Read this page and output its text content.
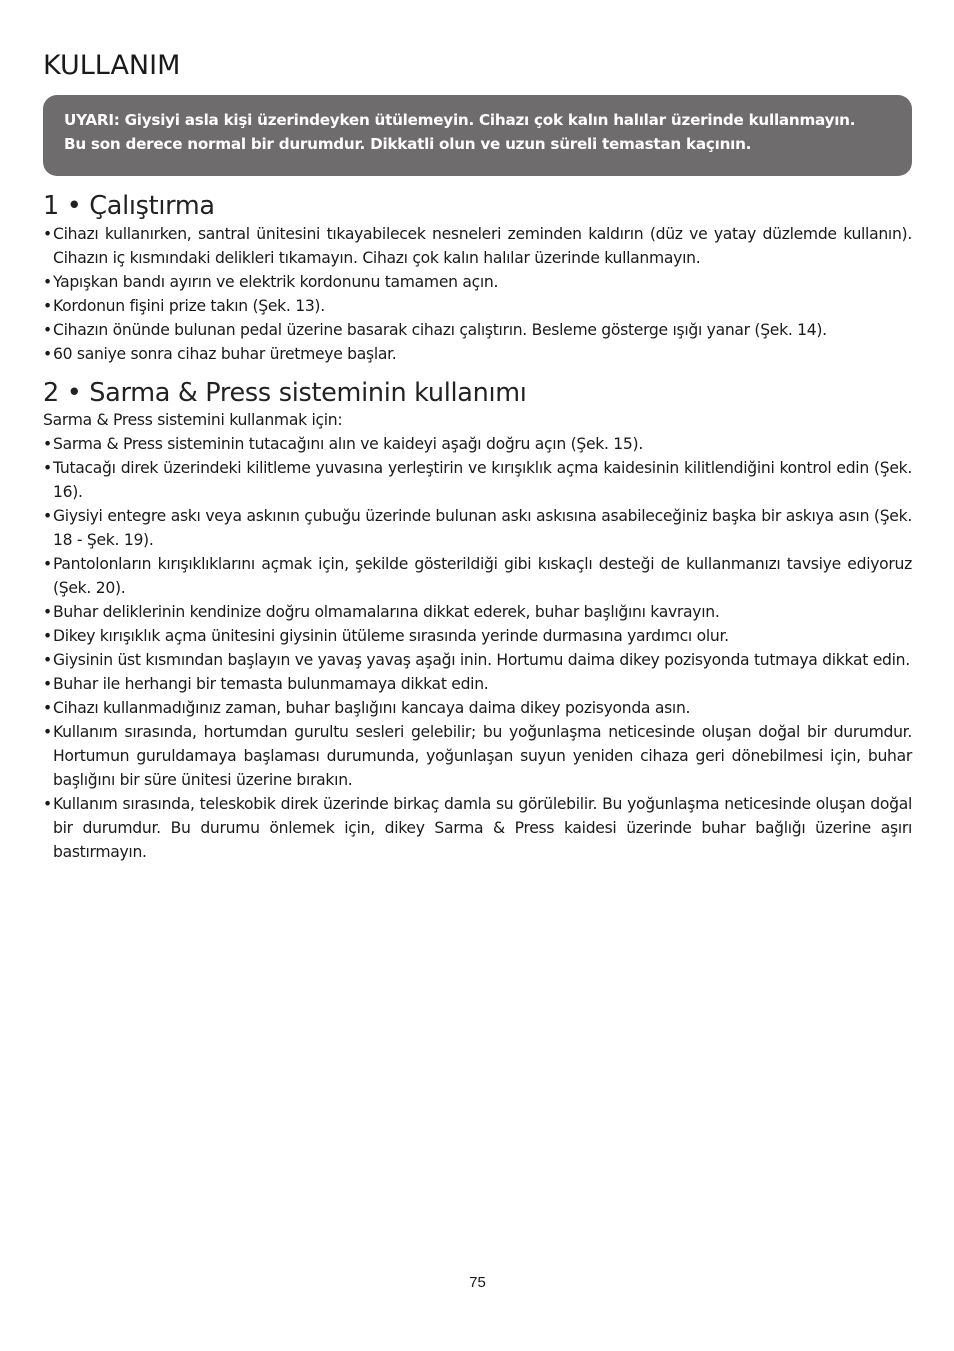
KULLANIM

UYARI: Giysiyi asla kişi üzerindeyken ütülemeyin. Cihazı çok kalın halılar üzerinde kullanmayın.

Bu son derece normal bir durumdur. Dikkatli olun ve uzun süreli temastan kaçının.

1 • Çalıştırma
• Cihazı kullanırken, santral ünitesini tıkayabilecek nesneleri zeminden kaldırın (düz ve yatay düzlemde kullanın). Cihazın iç kısmındaki delikleri tıkamayın. Cihazı çok kalın halılar üzerinde kullanmayın.
• Yapışkan bandı ayırın ve elektrik kordonunu tamamen açın.
• Kordonun fişini prize takın (Şek. 13).
• Cihazın önünde bulunan pedal üzerine basarak cihazı çalıştırın. Besleme gösterge ışığı yanar (Şek. 14).
• 60 saniye sonra cihaz buhar üretmeye başlar.
2 • Sarma & Press sisteminin kullanımı

Sarma & Press sistemini kullanmak için:

• Sarma & Press sisteminin tutacağını alın ve kaideyi aşağı doğru açın (Şek. 15).
• Tutacağı direk üzerindeki kilitleme yuvasına yerleştirin ve kırışıklık açma kaidesinin kilitlendiğini kontrol edin (Şek. 16).
• Giysiyi entegre askı veya askının çubuğu üzerinde bulunan askı askısına asabileceğiniz başka bir askıya asın (Şek. 18 - Şek. 19).
• Pantolonların kırışıklıklarını açmak için, şekilde gösterildiği gibi kıskaçlı desteği de kullanmanızı tavsiye ediyoruz (Şek. 20).
• Buhar deliklerinin kendinize doğru olmamalarına dikkat ederek, buhar başlığını kavrayın.
• Dikey kırışıklık açma ünitesini giysinin ütüleme sırasında yerinde durmasına yardımcı olur.
• Giysinin üst kısmından başlayın ve yavaş yavaş aşağı inin. Hortumu daima dikey pozisyonda tutmaya dikkat edin.
• Buhar ile herhangi bir temasta bulunmamaya dikkat edin.
• Cihazı kullanmadığınız zaman, buhar başlığını kancaya daima dikey pozisyonda asın.
• Kullanım sırasında, hortumdan gurultu sesleri gelebilir; bu yoğunlaşma neticesinde oluşan doğal bir durumdur. Hortumun guruldamaya başlaması durumunda, yoğunlaşan suyun yeniden cihaza geri dönebilmesi için, buhar başlığını bir süre ünitesi üzerine bırakın.
• Kullanım sırasında, teleskobik direk üzerinde birkaç damla su görülebilir. Bu yoğunlaşma neticesinde oluşan doğal bir durumdur. Bu durumu önlemek için, dikey Sarma & Press kaidesi üzerinde buhar bağlığı üzerine aşırı bastırmayın.
75
